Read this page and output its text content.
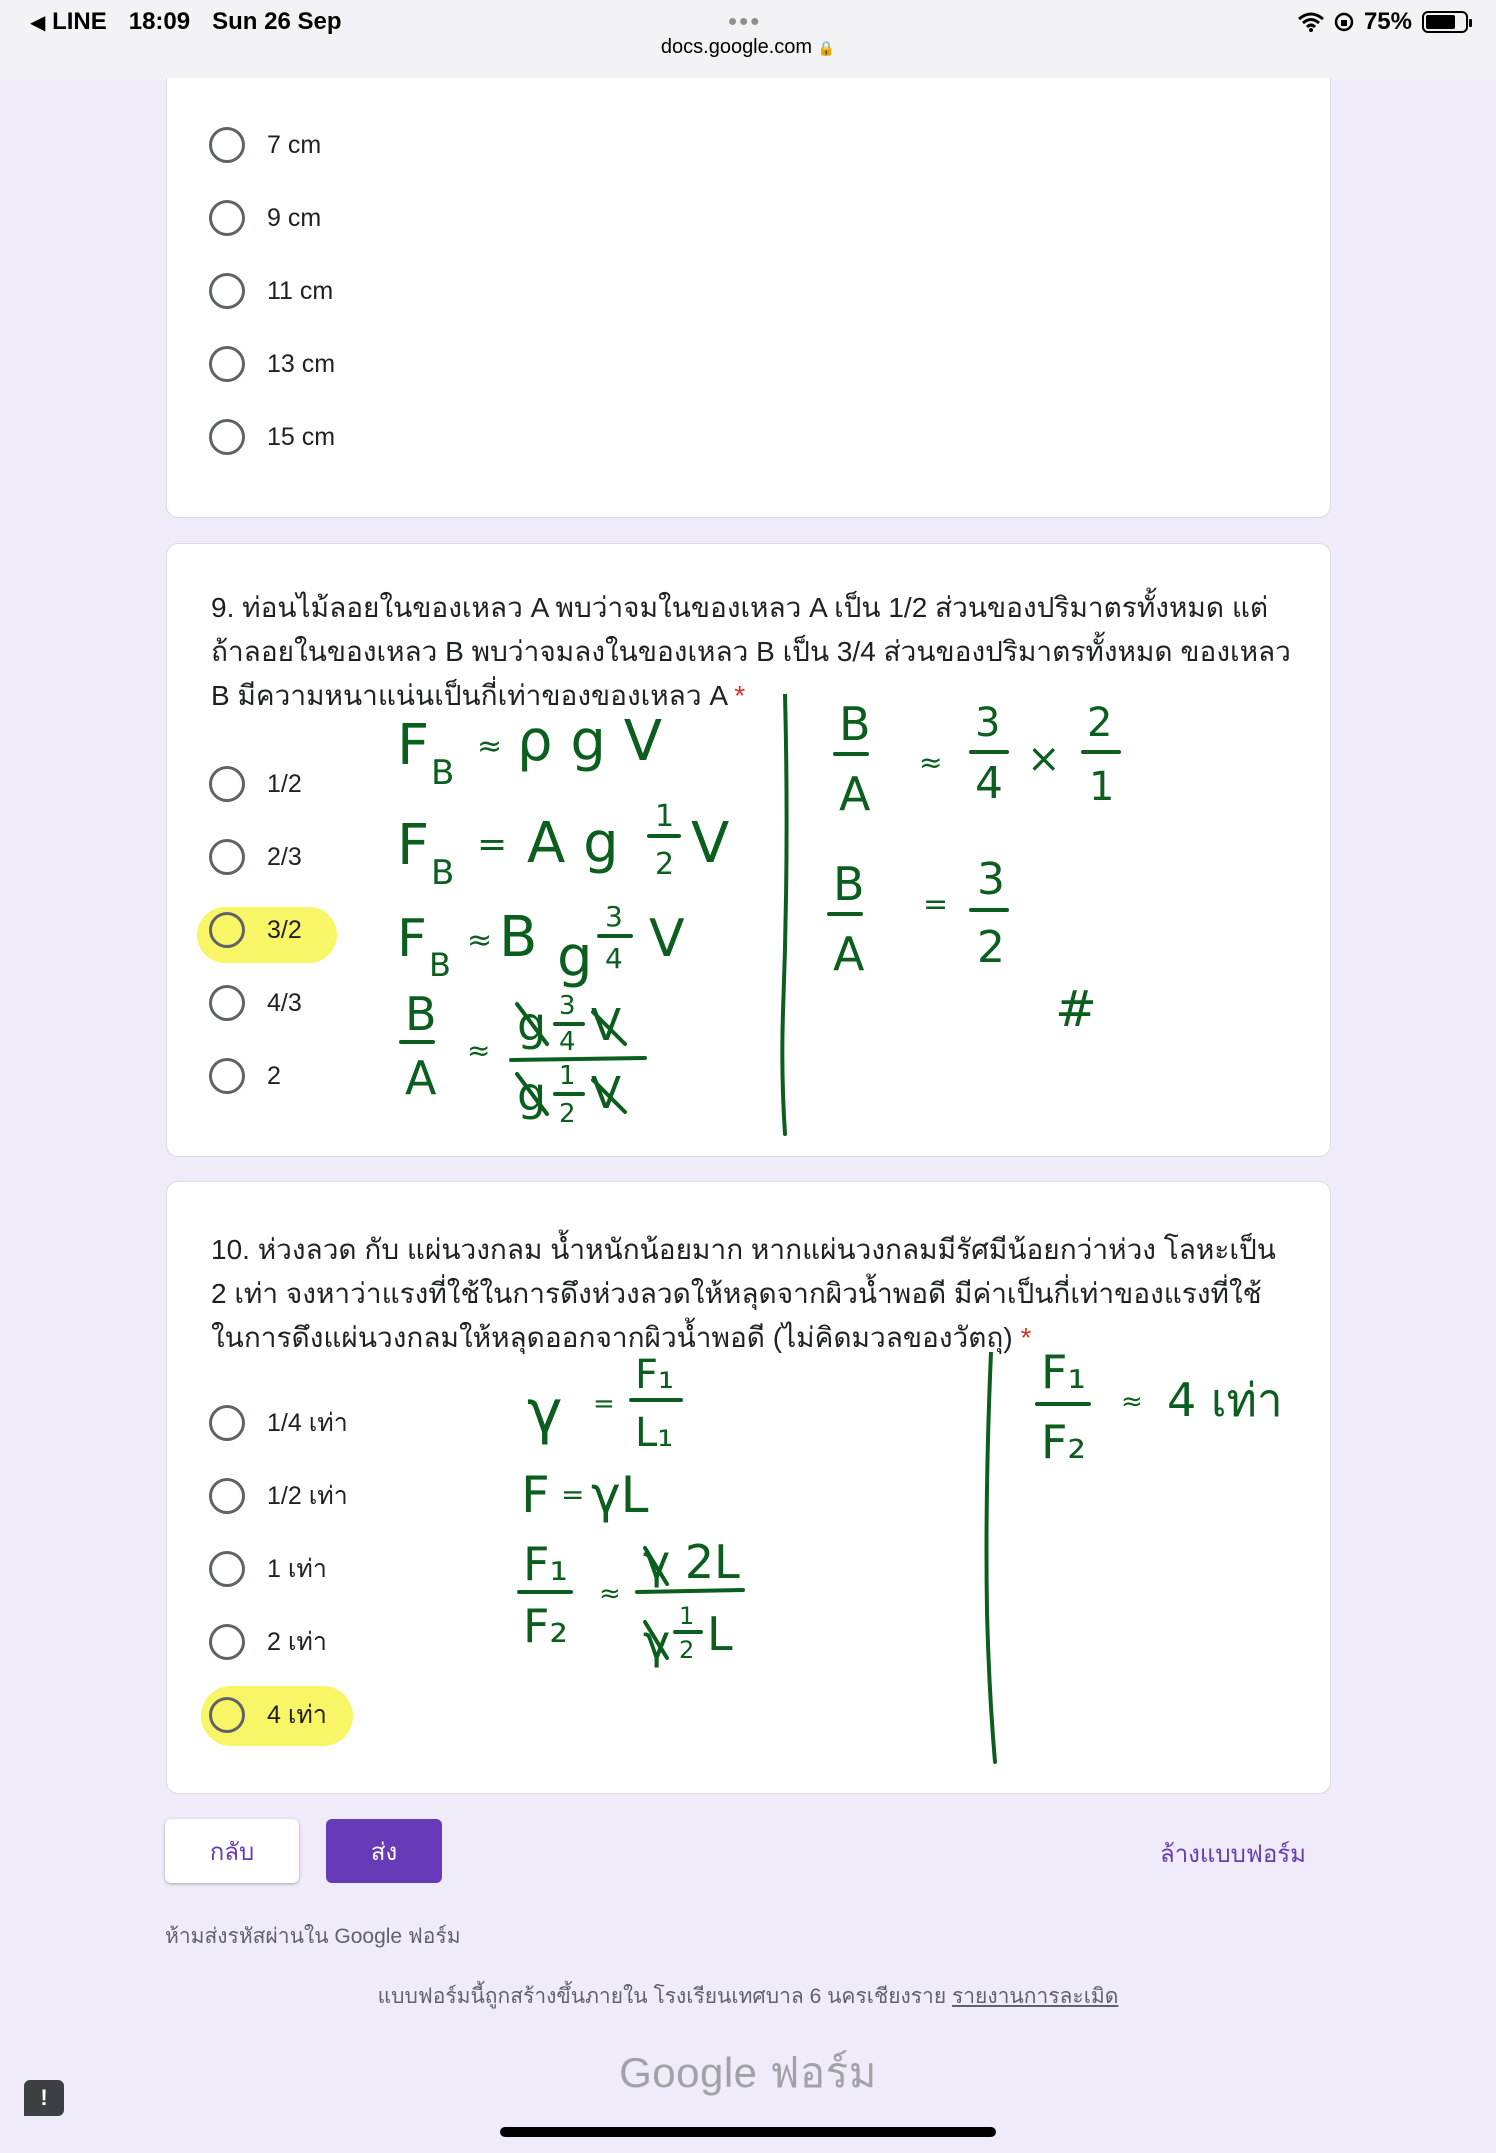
◀ LINE 18:09 Sun 26 Sep	•••
docs.google.com 🔒
75%
7 cm
9 cm
11 cm
13 cm
15 cm
9. ท่อนไม้ลอยในของเหลว A พบว่าจมในของเหลว A เป็น 1/2 ส่วนของปริมาตรทั้งหมด แต่ถ้าลอยในของเหลว B พบว่าจมลงในของเหลว B เป็น 3/4 ส่วนของปริมาตรทั้งหมด ของเหลว B มีความหนาแน่นเป็นกี่เท่าของของเหลว A *
1/2
2/3
3/2
4/3
2
F B
≈ ρ g V
F B
= A g 1
2 V
F B
≈ B g
3
4 V
B
A
≈ g 3
4 V
g 1
2 V
B
A
≈
3
4 ×
2
1
B
A
= 3
2
#
10. ห่วงลวด กับ แผ่นวงกลม น้ำหนักน้อยมาก หากแผ่นวงกลมมีรัศมีน้อยกว่าห่วง โลหะเป็น 2 เท่า จงหาว่าแรงที่ใช้ในการดึงห่วงลวดให้หลุดจากผิวน้ำพอดี มีค่าเป็นกี่เท่าของแรงที่ใช้ในการดึงแผ่นวงกลมให้หลุดออกจากผิวน้ำพอดี (ไม่คิดมวลของวัตถุ) *
1/4 เท่า
1/2 เท่า
1 เท่า
2 เท่า
4 เท่า
γ =
F₁
L₁
F = γL
F₁
F₂
≈
γ 2L
γ 1
2 L
F₁
F₂
≈ 4 เท่า
กลับ	ส่ง	ล้างแบบฟอร์ม
ห้ามส่งรหัสผ่านใน Google ฟอร์ม
แบบฟอร์มนี้ถูกสร้างขึ้นภายใน โรงเรียนเทศบาล 6 นครเชียงราย รายงานการละเมิด
Google ฟอร์ม
!
